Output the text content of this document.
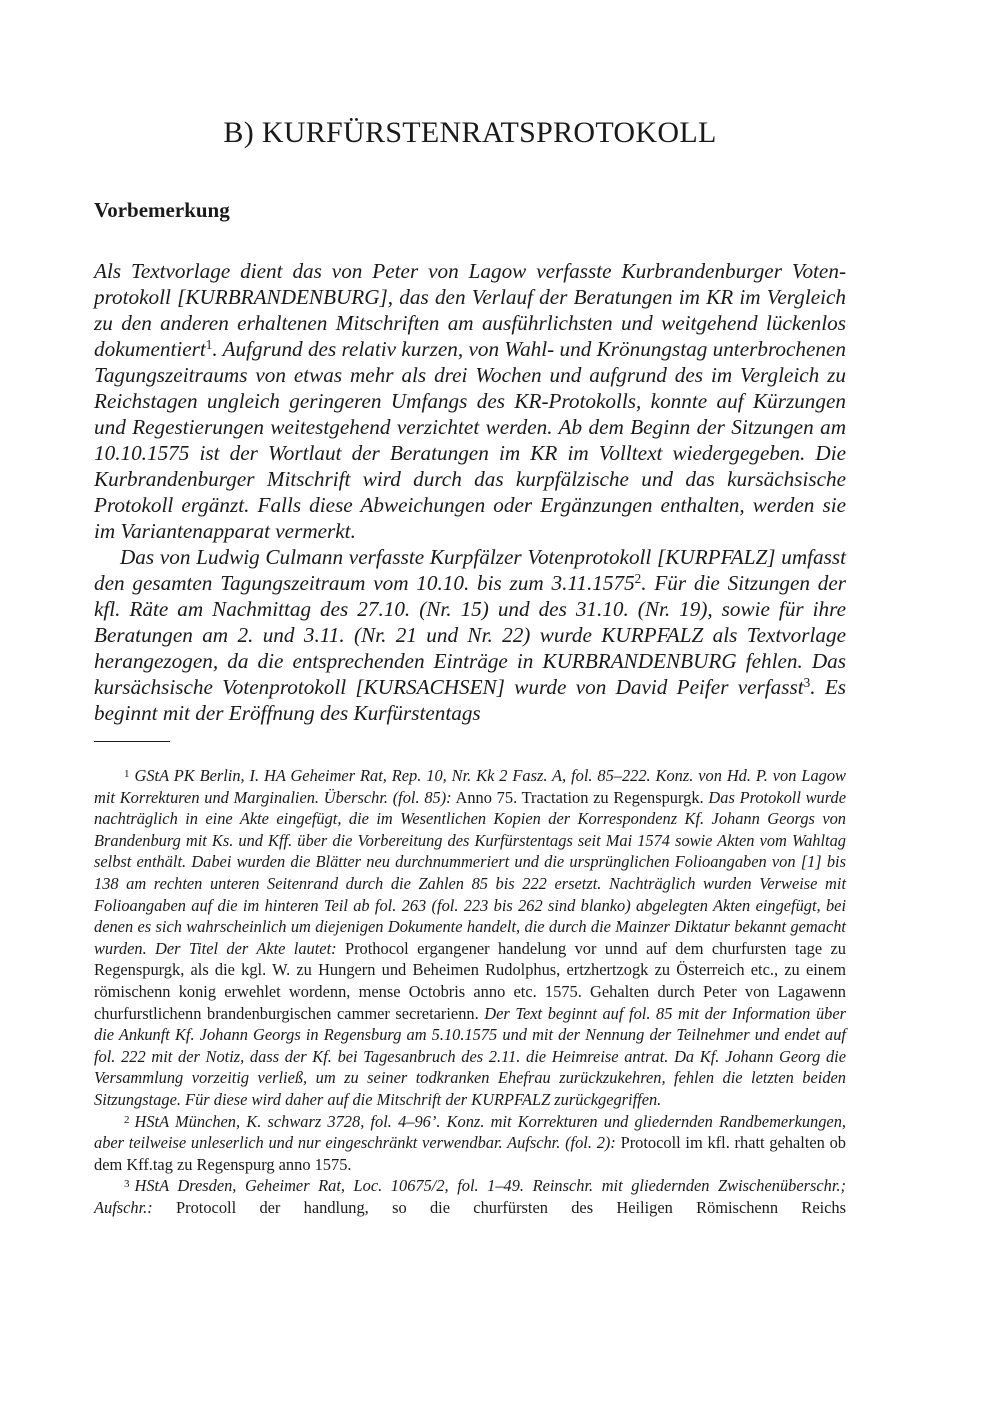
B) KURFÜRSTENRATSPROTOKOLL
Vorbemerkung

Als Textvorlage dient das von Peter von Lagow verfasste Kurbrandenburger Votenprotokoll [KURBRANDENBURG], das den Verlauf der Beratungen im KR im Vergleich zu den anderen erhaltenen Mitschriften am ausführlichsten und weitgehend lückenlos dokumentiert$^1$. Aufgrund des relativ kurzen, von Wahl- und Krönungstag unterbrochenen Tagungszeitraums von etwas mehr als drei Wochen und aufgrund des im Vergleich zu Reichstagen ungleich geringeren Umfangs des KR-Protokolls, konnte auf Kürzungen und Regestierungen weitestgehend verzichtet werden. Ab dem Beginn der Sitzungen am 10.10.1575 ist der Wortlaut der Beratungen im KR im Volltext wiedergegeben. Die Kurbrandenburger Mitschrift wird durch das kurpfälzische und das kursächsische Protokoll ergänzt. Falls diese Abweichungen oder Ergänzungen enthalten, werden sie im Variantenapparat vermerkt.

Das von Ludwig Culmann verfasste Kurpfälzer Votenprotokoll [KURPFALZ] umfasst den gesamten Tagungszeitraum vom 10.10. bis zum 3.11.1575$^2$. Für die Sitzungen der kfl. Räte am Nachmittag des 27.10. (Nr. 15) und des 31.10. (Nr. 19), sowie für ihre Beratungen am 2. und 3.11. (Nr. 21 und Nr. 22) wurde KURPFALZ als Textvorlage herangezogen, da die entsprechenden Einträge in KURBRANDENBURG fehlen. Das kursächsische Votenprotokoll [KURSACHSEN] wurde von David Peifer verfasst$^3$. Es beginnt mit der Eröffnung des Kurfürstentags

$^1$ GStA PK Berlin, I. HA Geheimer Rat, Rep. 10, Nr. Kk 2 Fasz. A, fol. 85–222. Konz. von Hd. P. von Lagow mit Korrekturen und Marginalien. Überschr. (fol. 85): Anno 75. Tractation zu Regenspurgk. Das Protokoll wurde nachträglich in eine Akte eingefügt, die im Wesentlichen Kopien der Korrespondenz Kf. Johann Georgs von Brandenburg mit Ks. und Kff. über die Vorbereitung des Kurfürstentags seit Mai 1574 sowie Akten vom Wahltag selbst enthält. Dabei wurden die Blätter neu durchnummeriert und die ursprünglichen Folioangaben von [1] bis 138 am rechten unteren Seitenrand durch die Zahlen 85 bis 222 ersetzt. Nachträglich wurden Verweise mit Folioangaben auf die im hinteren Teil ab fol. 263 (fol. 223 bis 262 sind blanko) abgelegten Akten eingefügt, bei denen es sich wahrscheinlich um diejenigen Dokumente handelt, die durch die Mainzer Diktatur bekannt gemacht wurden. Der Titel der Akte lautet: Prothocol ergangener handelung vor unnd auf dem churfursten tage zu Regenspurgk, als die kgl. W. zu Hungern und Beheimen Rudolphus, ertzhertzogk zu Österreich etc., zu einem römischenn konig erwehlet wordenn, mense Octobris anno etc. 1575. Gehalten durch Peter von Lagawenn churfurstlichenn brandenburgischen cammer secretarienn. Der Text beginnt auf fol. 85 mit der Information über die Ankunft Kf. Johann Georgs in Regensburg am 5.10.1575 und mit der Nennung der Teilnehmer und endet auf fol. 222 mit der Notiz, dass der Kf. bei Tagesanbruch des 2.11. die Heimreise antrat. Da Kf. Johann Georg die Versammlung vorzeitig verließ, um zu seiner todkranken Ehefrau zurückzukehren, fehlen die letzten beiden Sitzungstage. Für diese wird daher auf die Mitschrift der KURPFALZ zurückgegriffen.

$^2$ HStA München, K. schwarz 3728, fol. 4–96’. Konz. mit Korrekturen und gliedernden Randbemerkungen, aber teilweise unleserlich und nur eingeschränkt verwendbar. Aufschr. (fol. 2): Protocoll im kfl. rhatt gehalten ob dem Kff.tag zu Regenspurg anno 1575.

$^3$ HStA Dresden, Geheimer Rat, Loc. 10675/2, fol. 1–49. Reinschr. mit gliedernden Zwischenüberschr.; Aufschr.: Protocoll der handlung, so die churfürsten des Heiligen Römischenn Reichs
